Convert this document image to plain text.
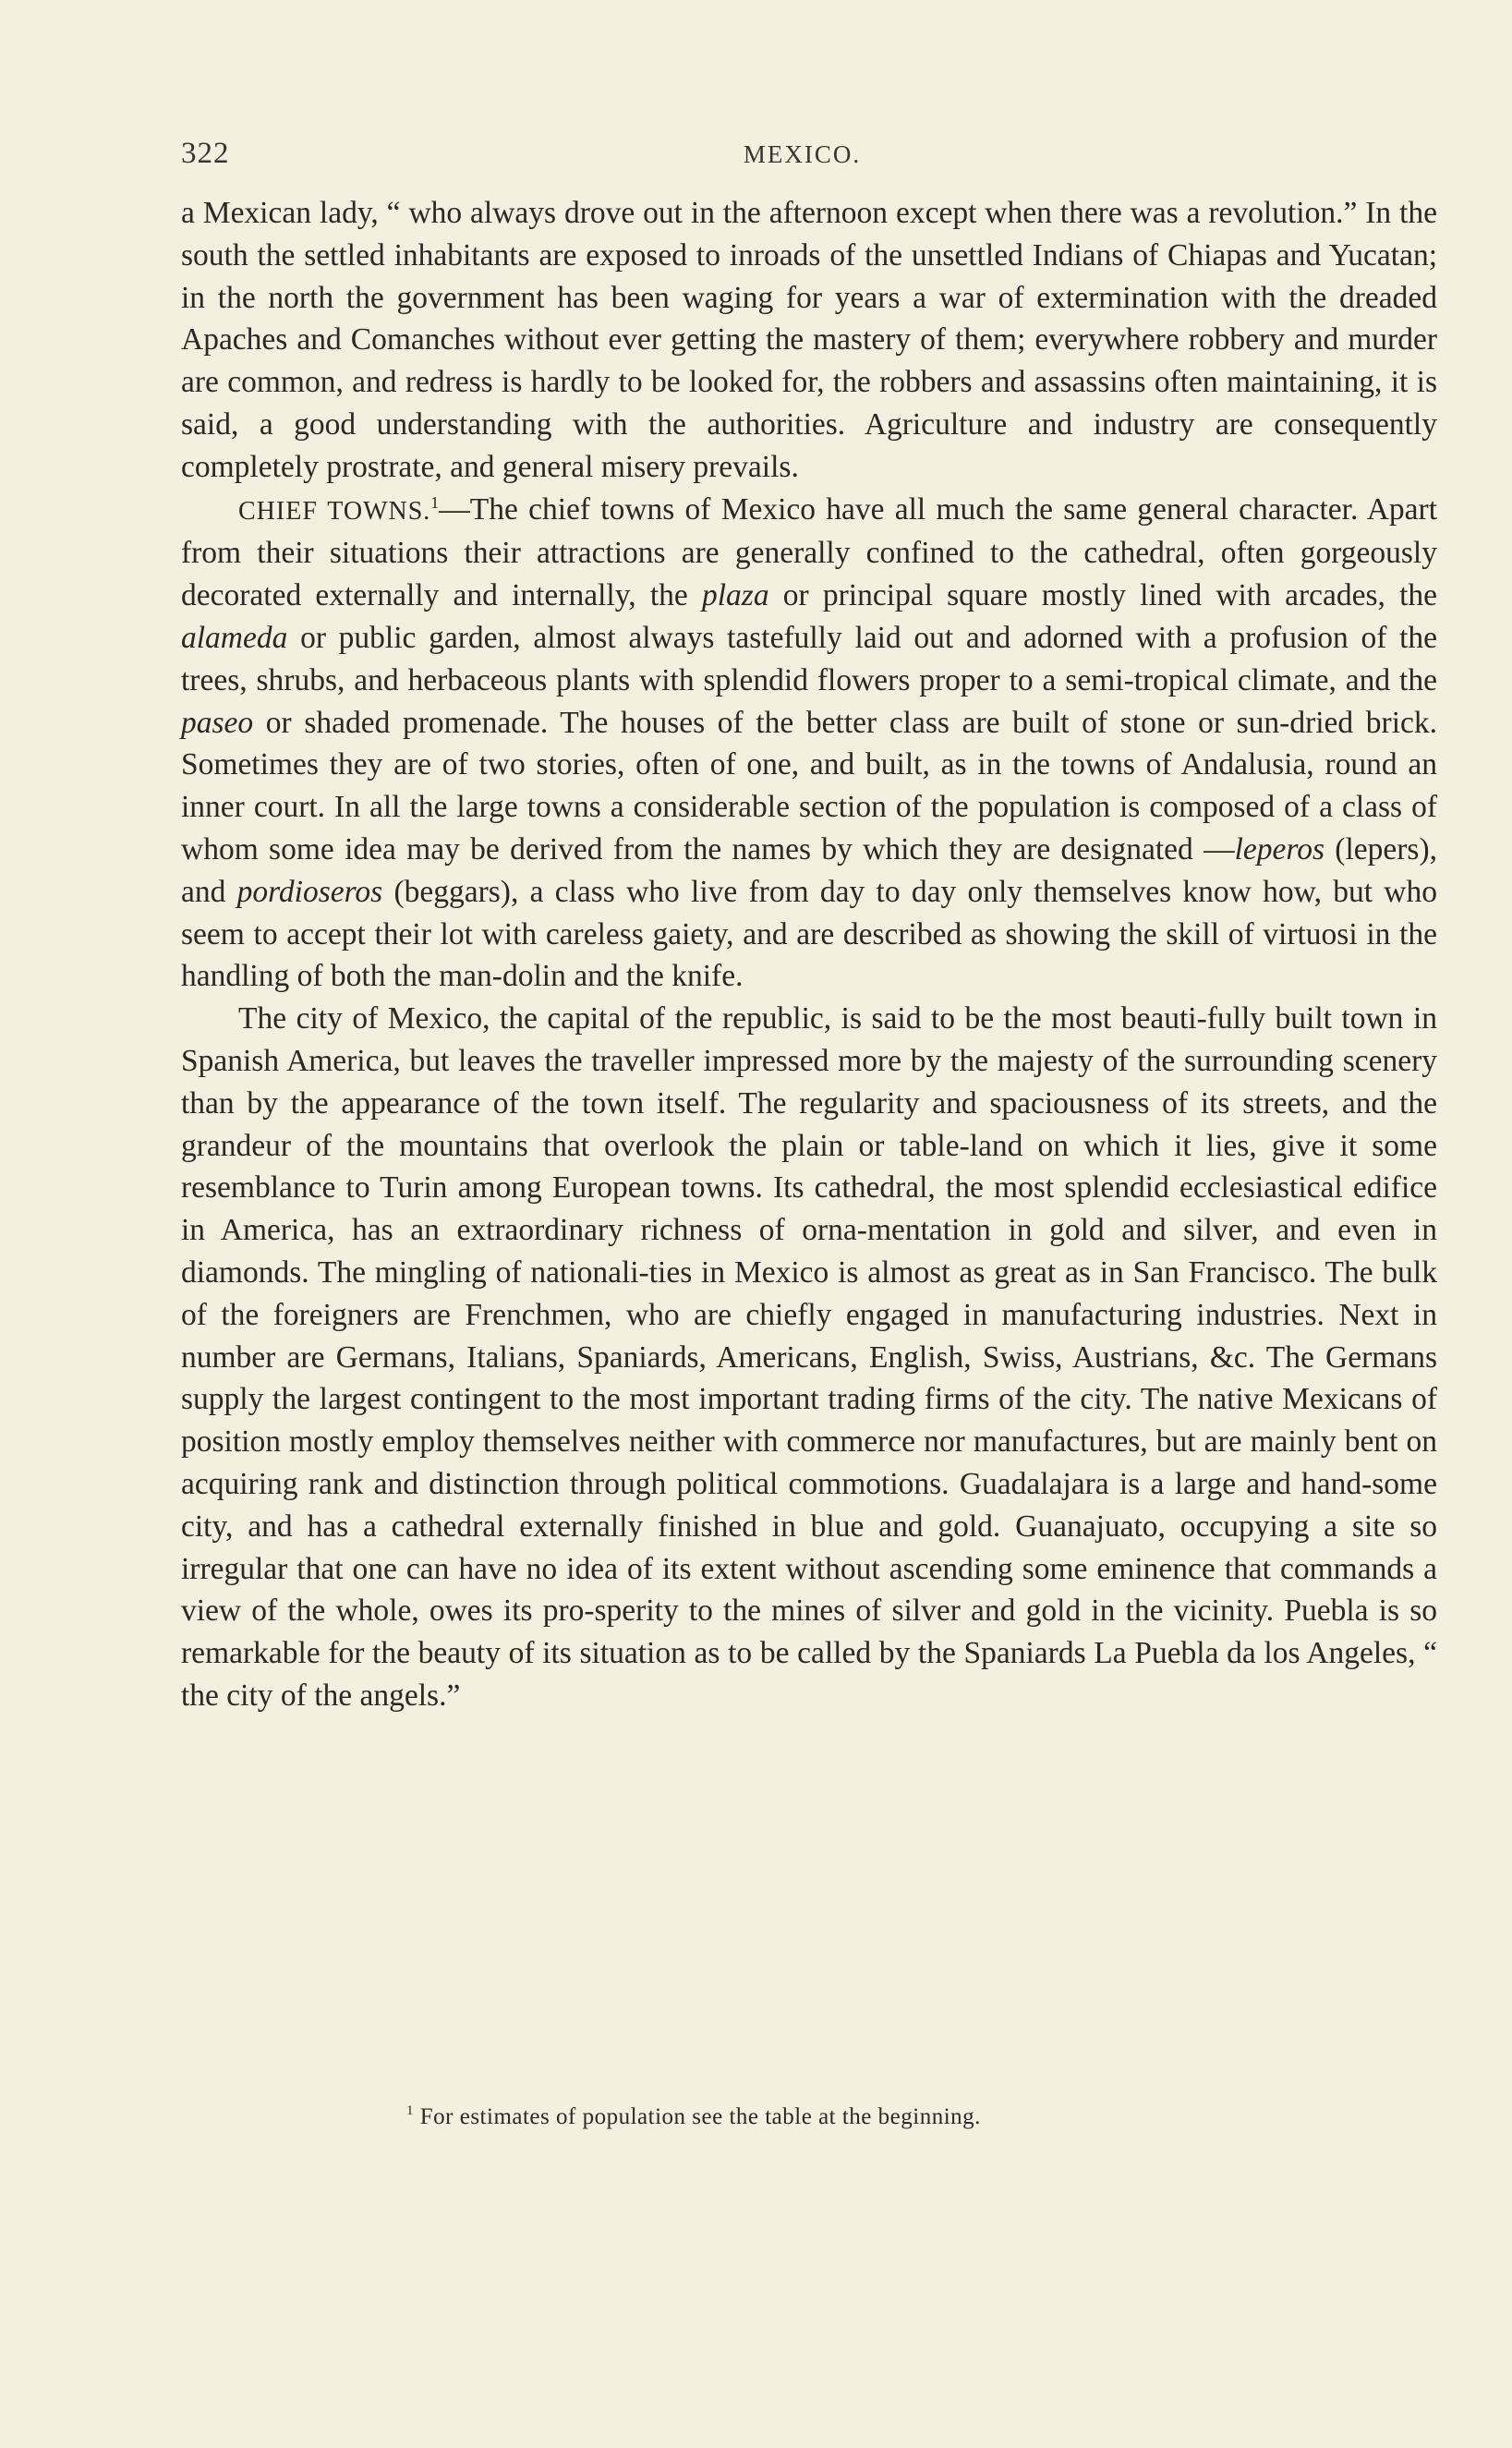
322	MEXICO.

a Mexican lady, “ who always drove out in the afternoon except when there was a revolution.” In the south the settled inhabitants are exposed to inroads of the unsettled Indians of Chiapas and Yucatan; in the north the government has been waging for years a war of extermination with the dreaded Apaches and Comanches without ever getting the mastery of them; everywhere robbery and murder are common, and redress is hardly to be looked for, the robbers and assassins often maintaining, it is said, a good understanding with the authorities. Agriculture and industry are consequently completely prostrate, and general misery prevails.

CHIEF TOWNS.$^1$—The chief towns of Mexico have all much the same general character. Apart from their situations their attractions are generally confined to the cathedral, often gorgeously decorated externally and internally, the plaza or principal square mostly lined with arcades, the alameda or public garden, almost always tastefully laid out and adorned with a profusion of the trees, shrubs, and herbaceous plants with splendid flowers proper to a semi-tropical climate, and the paseo or shaded promenade. The houses of the better class are built of stone or sun-dried brick. Sometimes they are of two stories, often of one, and built, as in the towns of Andalusia, round an inner court. In all the large towns a considerable section of the population is composed of a class of whom some idea may be derived from the names by which they are designated —leperos (lepers), and pordioseros (beggars), a class who live from day to day only themselves know how, but who seem to accept their lot with careless gaiety, and are described as showing the skill of virtuosi in the handling of both the man-dolin and the knife.

The city of Mexico, the capital of the republic, is said to be the most beauti-fully built town in Spanish America, but leaves the traveller impressed more by the majesty of the surrounding scenery than by the appearance of the town itself. The regularity and spaciousness of its streets, and the grandeur of the mountains that overlook the plain or table-land on which it lies, give it some resemblance to Turin among European towns. Its cathedral, the most splendid ecclesiastical edifice in America, has an extraordinary richness of orna-mentation in gold and silver, and even in diamonds. The mingling of nationali-ties in Mexico is almost as great as in San Francisco. The bulk of the foreigners are Frenchmen, who are chiefly engaged in manufacturing industries. Next in number are Germans, Italians, Spaniards, Americans, English, Swiss, Austrians, &c. The Germans supply the largest contingent to the most important trading firms of the city. The native Mexicans of position mostly employ themselves neither with commerce nor manufactures, but are mainly bent on acquiring rank and distinction through political commotions. Guadalajara is a large and hand-some city, and has a cathedral externally finished in blue and gold. Guanajuato, occupying a site so irregular that one can have no idea of its extent without ascending some eminence that commands a view of the whole, owes its pro-sperity to the mines of silver and gold in the vicinity. Puebla is so remarkable for the beauty of its situation as to be called by the Spaniards La Puebla da los Angeles, “ the city of the angels.”

$^1$ For estimates of population see the table at the beginning.
